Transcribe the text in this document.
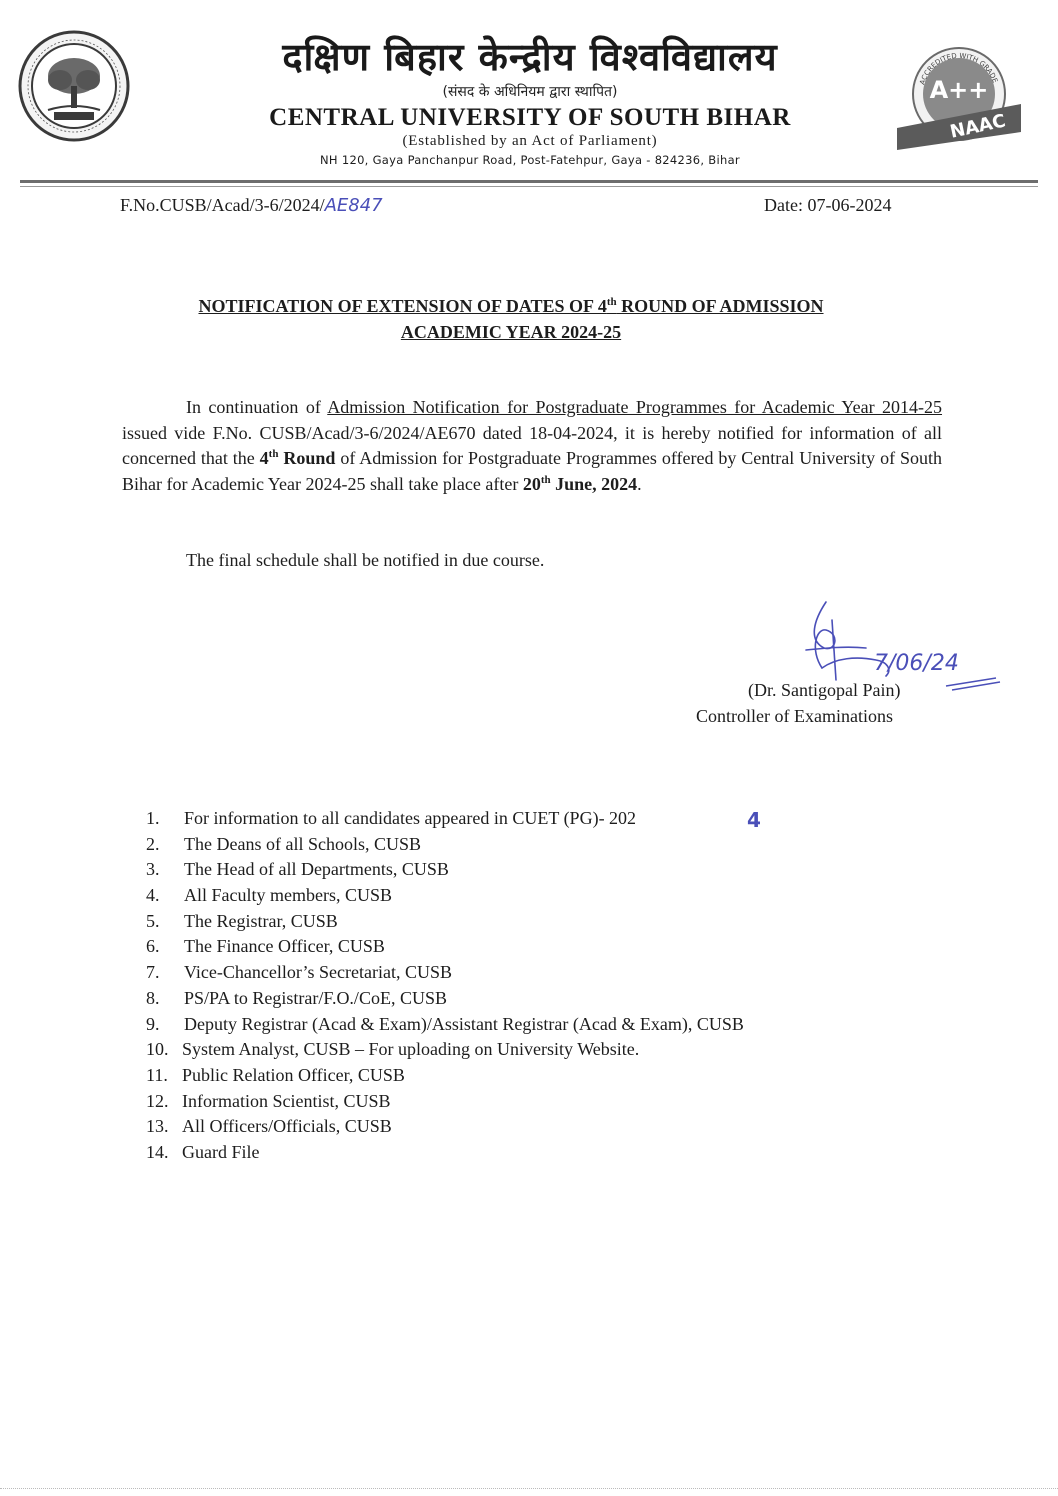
दक्षिण बिहार केन्द्रीय विश्वविद्यालय
(संसद के अधिनियम द्वारा स्थापित)
CENTRAL UNIVERSITY OF SOUTH BIHAR
(Established by an Act of Parliament)
NH 120, Gaya Panchanpur Road, Post-Fatehpur, Gaya - 824236, Bihar
ACCREDITED WITH GRADE
A++
NAAC
F.No.CUSB/Acad/3-6/2024/AE847	Date: 07-06-2024
NOTIFICATION OF EXTENSION OF DATES OF 4th ROUND OF ADMISSION
ACADEMIC YEAR 2024-25
In continuation of Admission Notification for Postgraduate Programmes for Academic Year 2014-25 issued vide F.No. CUSB/Acad/3-6/2024/AE670 dated 18-04-2024, it is hereby notified for information of all concerned that the 4th Round of Admission for Postgraduate Programmes offered by Central University of South Bihar for Academic Year 2024-25 shall take place after 20th June, 2024.
The final schedule shall be notified in due course.
7/06/24
(Dr. Santigopal Pain)
Controller of Examinations
1. For information to all candidates appeared in CUET (PG)- 202
2. The Deans of all Schools, CUSB
3. The Head of all Departments, CUSB
4. All Faculty members, CUSB
5. The Registrar, CUSB
6. The Finance Officer, CUSB
7. Vice-Chancellor’s Secretariat, CUSB
8. PS/PA to Registrar/F.O./CoE, CUSB
9. Deputy Registrar (Acad & Exam)/Assistant Registrar (Acad & Exam), CUSB
10. System Analyst, CUSB – For uploading on University Website.
11. Public Relation Officer, CUSB
12. Information Scientist, CUSB
13. All Officers/Officials, CUSB
14. Guard File
4
